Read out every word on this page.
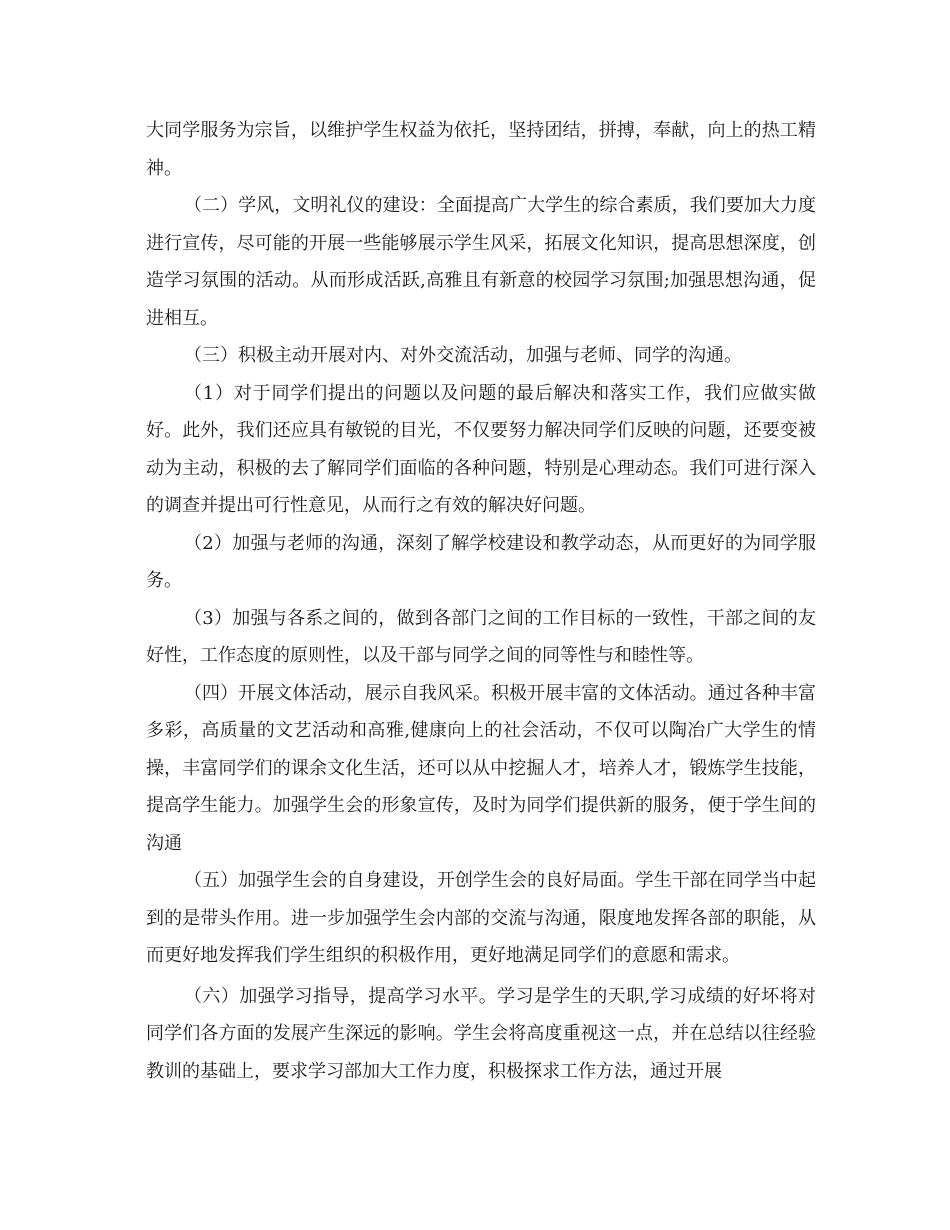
大同学服务为宗旨，以维护学生权益为依托，坚持团结，拼搏，奉献，向上的热工精神。

（二）学风，文明礼仪的建设：全面提高广大学生的综合素质，我们要加大力度进行宣传，尽可能的开展一些能够展示学生风采，拓展文化知识，提高思想深度，创造学习氛围的活动。从而形成活跃,高雅且有新意的校园学习氛围;加强思想沟通，促进相互。

（三）积极主动开展对内、对外交流活动，加强与老师、同学的沟通。

（1）对于同学们提出的问题以及问题的最后解决和落实工作，我们应做实做好。此外，我们还应具有敏锐的目光，不仅要努力解决同学们反映的问题，还要变被动为主动，积极的去了解同学们面临的各种问题，特别是心理动态。我们可进行深入的调查并提出可行性意见，从而行之有效的解决好问题。

（2）加强与老师的沟通，深刻了解学校建设和教学动态，从而更好的为同学服务。

（3）加强与各系之间的，做到各部门之间的工作目标的一致性，干部之间的友好性，工作态度的原则性，以及干部与同学之间的同等性与和睦性等。

（四）开展文体活动，展示自我风采。积极开展丰富的文体活动。通过各种丰富多彩，高质量的文艺活动和高雅,健康向上的社会活动，不仅可以陶冶广大学生的情操，丰富同学们的课余文化生活，还可以从中挖掘人才，培养人才，锻炼学生技能，提高学生能力。加强学生会的形象宣传，及时为同学们提供新的服务，便于学生间的沟通

（五）加强学生会的自身建设，开创学生会的良好局面。学生干部在同学当中起到的是带头作用。进一步加强学生会内部的交流与沟通，限度地发挥各部的职能，从而更好地发挥我们学生组织的积极作用，更好地满足同学们的意愿和需求。

（六）加强学习指导，提高学习水平。学习是学生的天职,学习成绩的好坏将对同学们各方面的发展产生深远的影响。学生会将高度重视这一点，并在总结以往经验教训的基础上，要求学习部加大工作力度，积极探求工作方法，通过开展
